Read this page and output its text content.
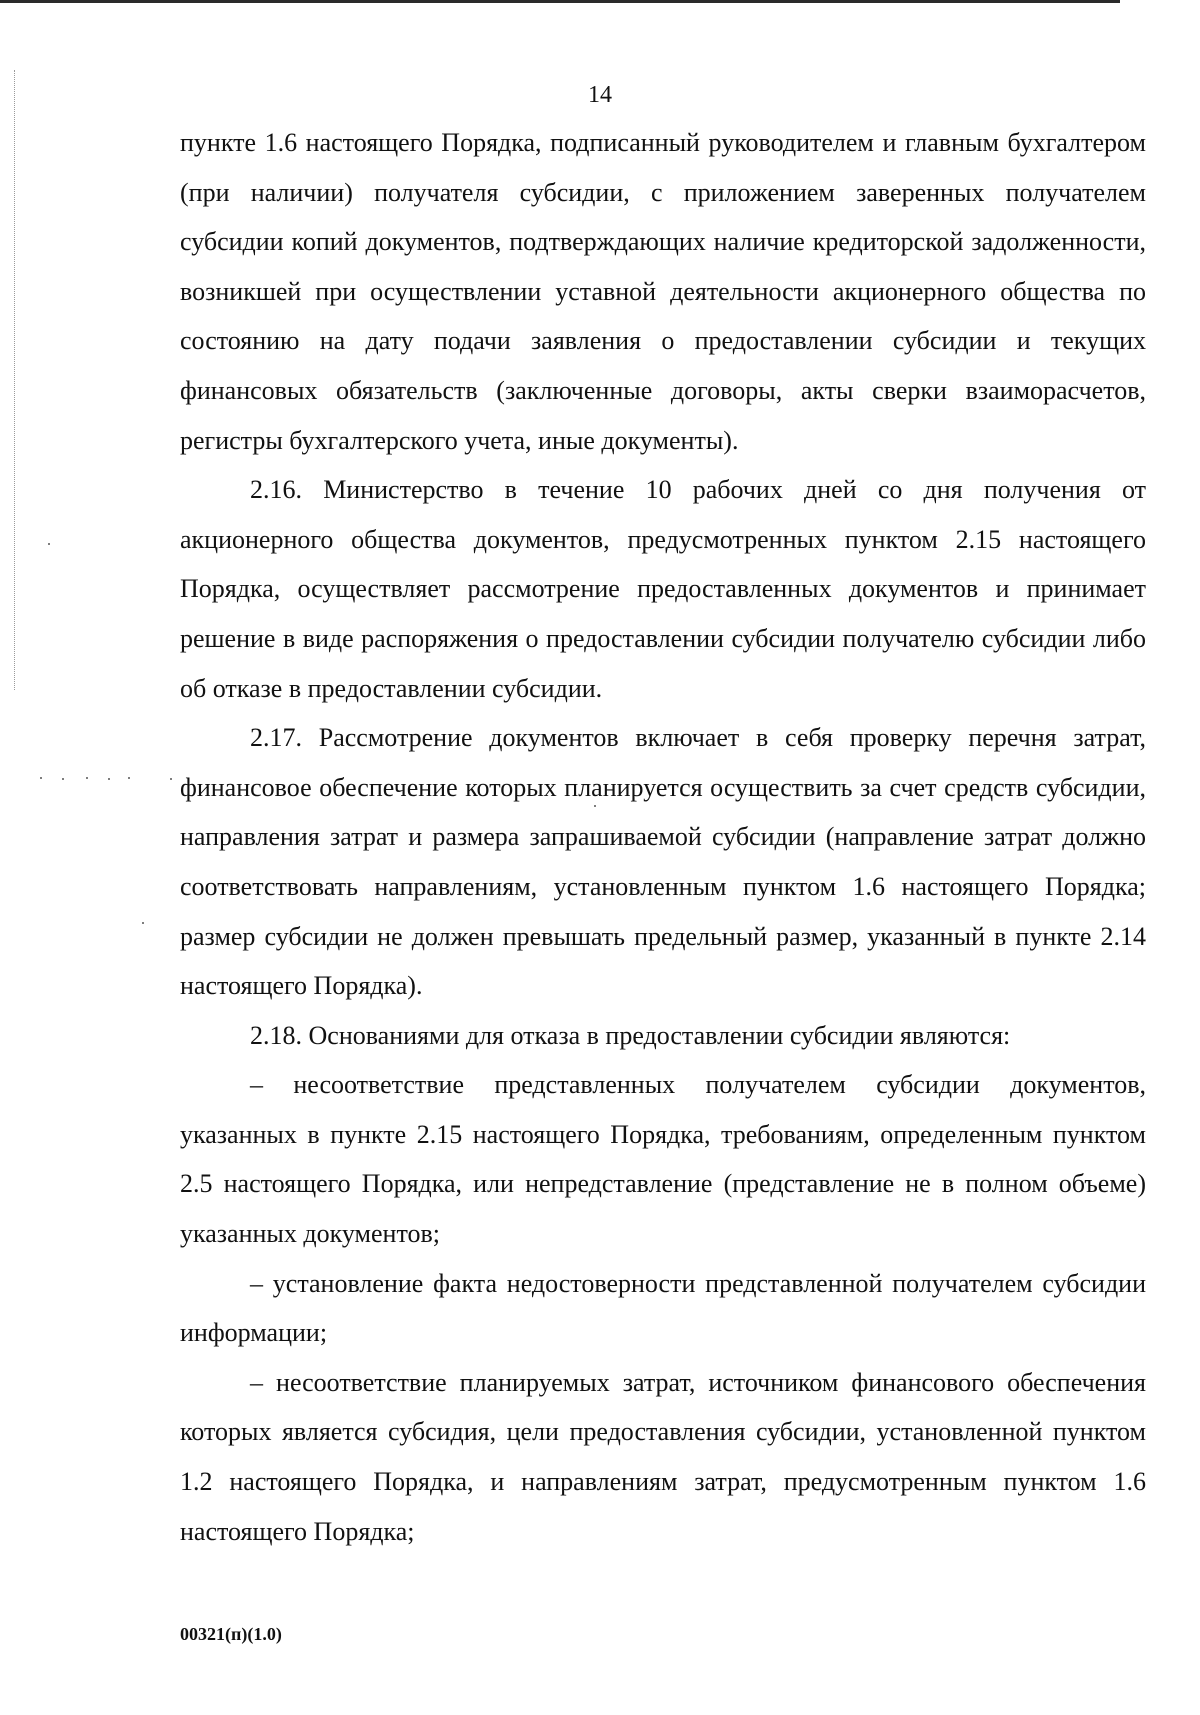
14

пункте 1.6 настоящего Порядка, подписанный руководителем и главным бухгалтером (при наличии) получателя субсидии, с приложением заверенных получателем субсидии копий документов, подтверждающих наличие кредиторской задолженности, возникшей при осуществлении уставной деятельности акционерного общества по состоянию на дату подачи заявления о предоставлении субсидии и текущих финансовых обязательств (заключенные договоры, акты сверки взаиморасчетов, регистры бухгалтерского учета, иные документы).

2.16. Министерство в течение 10 рабочих дней со дня получения от акционерного общества документов, предусмотренных пунктом 2.15 настоящего Порядка, осуществляет рассмотрение предоставленных документов и принимает решение в виде распоряжения о предоставлении субсидии получателю субсидии либо об отказе в предоставлении субсидии.

2.17. Рассмотрение документов включает в себя проверку перечня затрат, финансовое обеспечение которых планируется осуществить за счет средств субсидии, направления затрат и размера запрашиваемой субсидии (направление затрат должно соответствовать направлениям, установленным пунктом 1.6 настоящего Порядка; размер субсидии не должен превышать предельный размер, указанный в пункте 2.14 настоящего Порядка).

2.18. Основаниями для отказа в предоставлении субсидии являются:

– несоответствие представленных получателем субсидии документов, указанных в пункте 2.15 настоящего Порядка, требованиям, определенным пунктом 2.5 настоящего Порядка, или непредставление (представление не в полном объеме) указанных документов;

– установление факта недостоверности представленной получателем субсидии информации;

– несоответствие планируемых затрат, источником финансового обеспечения которых является субсидия, цели предоставления субсидии, установленной пунктом 1.2 настоящего Порядка, и направлениям затрат, предусмотренным пунктом 1.6 настоящего Порядка;

00321(п)(1.0)
